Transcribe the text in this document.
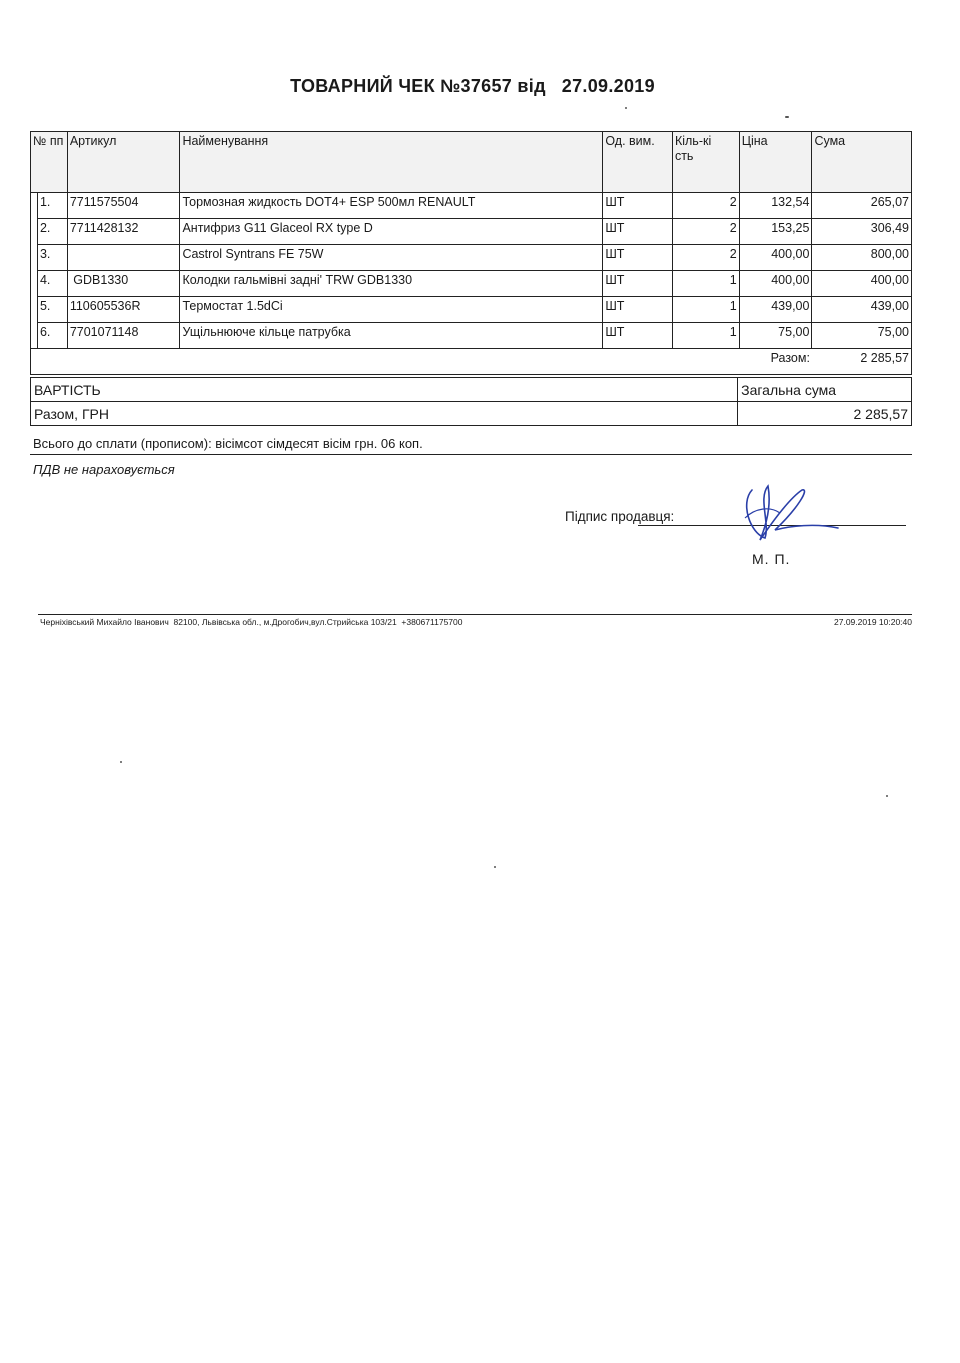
ТОВАРНИЙ ЧЕК №37657 від 27.09.2019
№ пп		Артикул	Найменування	Од. вим.	Кіль-кість	Ціна	Сума
	1.	7711575504	Тормозная жидкость DOT4+ ESP 500мл RENAULT	ШТ	2	132,54	265,07
	2.	7711428132	Антифриз G11 Glaceol RX type D	ШТ	2	153,25	306,49
	3.		Castrol Syntrans FE 75W	ШТ	2	400,00	800,00
	4.	GDB1330	Колодки гальмівні задні' TRW GDB1330	ШТ	1	400,00	400,00
	5.	110605536R	Термостат 1.5dCi	ШТ	1	439,00	439,00
	6.	7701071148	Ущільнююче кільце патрубка	ШТ	1	75,00	75,00
						Разом:	2 285,57
ВАРТІСТЬ	Загальна сума
Разом, ГРН	2 285,57
Всього до сплати (прописом): вісімсот сімдесят вісім грн. 06 коп.
ПДВ не нараховується
Підпис продавця:
М. П.
Черніхівський Михайло Іванович  82100, Львівська обл., м.Дрогобич,вул.Стрийська 103/21  +380671175700	27.09.2019 10:20:40
